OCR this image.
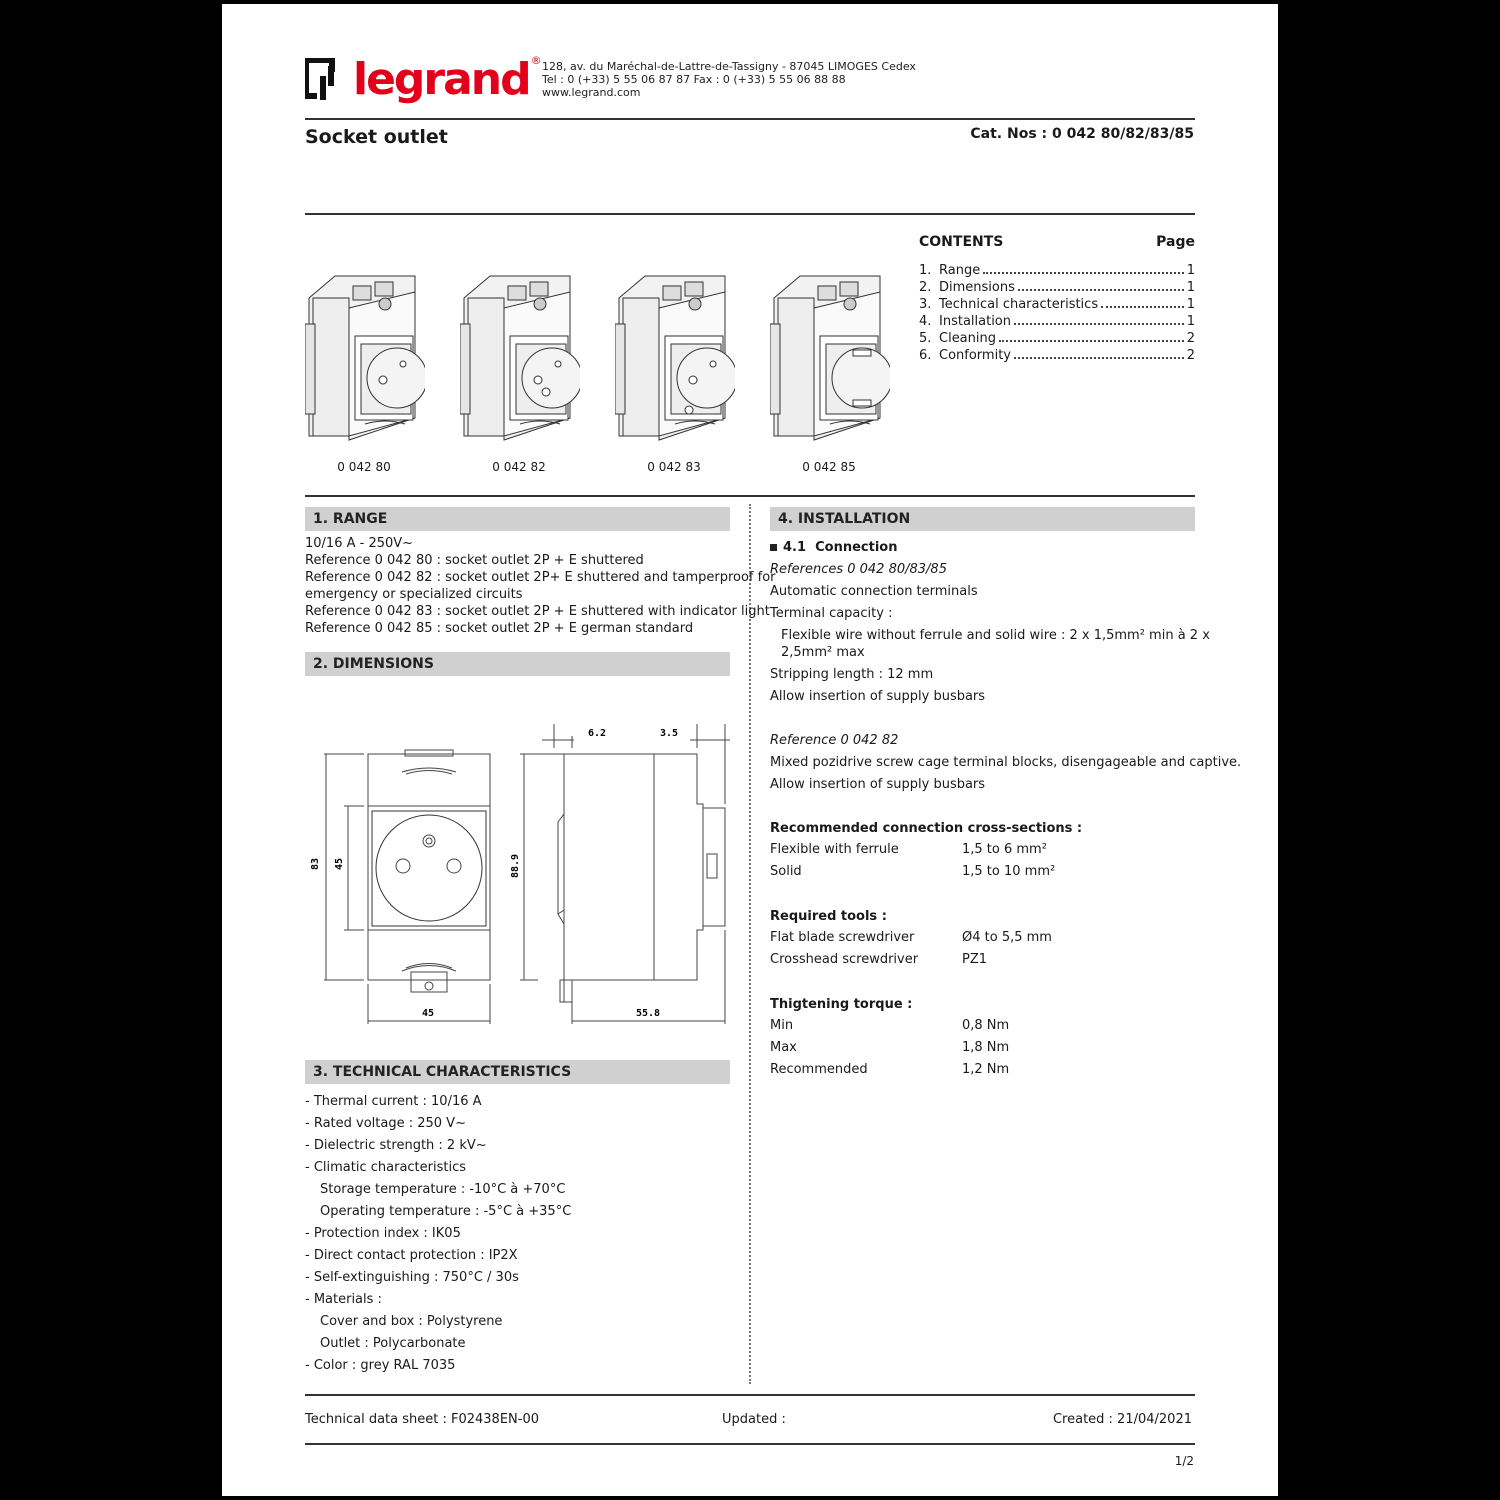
legrand ® 128, av. du Maréchal-de-Lattre-de-Tassigny - 87045 LIMOGES Cedex
Tel : 0 (+33) 5 55 06 87 87 Fax : 0 (+33) 5 55 06 88 88
www.legrand.com
Socket outlet	Cat. Nos : 0 042 80/82/83/85
0 042 80	0 042 82	0 042 83	0 042 85
CONTENTS	Page
1. Range	1
2. Dimensions	1
3. Technical characteristics	1
4. Installation	1
5. Cleaning	2
6. Conformity	2
1. RANGE
10/16 A - 250V~
Reference 0 042 80 : socket outlet 2P + E shuttered
Reference 0 042 82 : socket outlet 2P+ E shuttered and tamperproof for
emergency or specialized circuits
Reference 0 042 83 : socket outlet 2P + E shuttered with indicator light
Reference 0 042 85 : socket outlet 2P + E german standard
2. DIMENSIONS
83 45
45
88.9
55.8
6.2	3.5
3. TECHNICAL CHARACTERISTICS
- Thermal current : 10/16 A
- Rated voltage : 250 V~
- Dielectric strength : 2 kV~
- Climatic characteristics
Storage temperature : -10°C à +70°C
Operating temperature : -5°C à +35°C
- Protection index : IK05
- Direct contact protection : IP2X
- Self-extinguishing : 750°C / 30s
- Materials :
Cover and box : Polystyrene
Outlet : Polycarbonate
- Color : grey RAL 7035
4. INSTALLATION
4.1 Connection
References 0 042 80/83/85
Automatic connection terminals
Terminal capacity :
Flexible wire without ferrule and solid wire : 2 x 1,5mm² min à 2 x
2,5mm² max
Stripping length : 12 mm
Allow insertion of supply busbars
Reference 0 042 82
Mixed pozidrive screw cage terminal blocks, disengageable and captive.
Allow insertion of supply busbars
Recommended connection cross-sections :
Flexible with ferrule	1,5 to 6 mm²
Solid	1,5 to 10 mm²
Required tools :
Flat blade screwdriver	Ø4 to 5,5 mm
Crosshead screwdriver	PZ1
Thigtening torque :
Min	0,8 Nm
Max	1,8 Nm
Recommended	1,2 Nm
Technical data sheet : F02438EN-00	Updated :	Created : 21/04/2021
1/2
